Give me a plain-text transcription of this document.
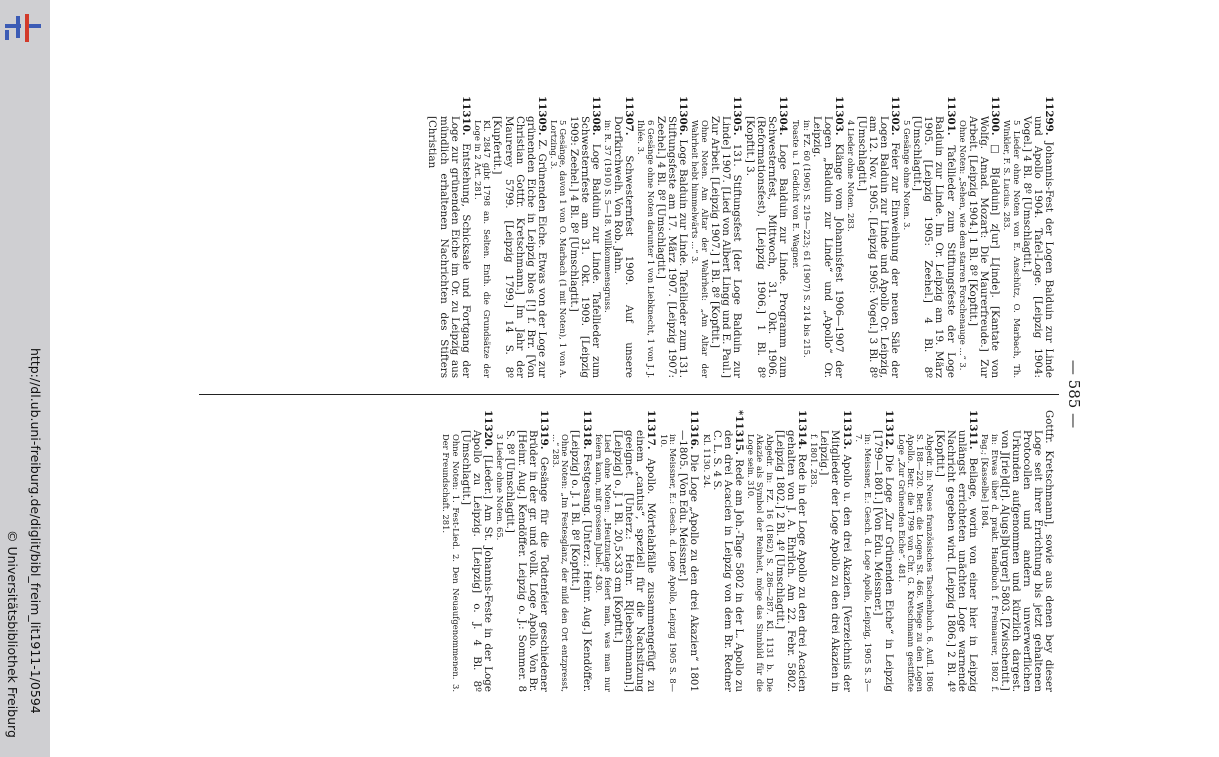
http://dl.ub.uni-freiburg.de/diglit/bibl_freim_lit1911-1/0594
© Universitätsbibliothek Freiburg
— 585 —
11299. Johannis-Fest der Logen Balduin zur Linde und Apollo 1904. Tafel-Loge. [Leipzig 1904: Vogel.] 4 Bl. 8º [Umschlagtit.]
5 Lieder ohne Noten von E. Anschütz, O. Marbach, Th. Winkler, F. S. Lucius. 283.
11300. □ B[alduin] z[ur] L[inde]. [Kantate von Wolfg. Amad. Mozart: Die Maurerfreude.] Zur Arbeit. [Leipzig 1904.] 1 Bl. 8º [Kopftit.]
Ohne Noten: „Sehen, wie dem starren Forschenauge ...“ 3.
11301. Tafellieder zum Stiftungsfeste der Loge Balduin zur Linde. Im Or. Leipzig am 19. März 1905. [Leipzig 1905: Zeehel.] 4 Bl. 8º [Umschlagtit.]
5 Gesänge ohne Noten. 3.
11302. Feier zur Einweihung der neuen Säle der Logen Balduin zur Linde und Apollo Or. Leipzig, am 12. Nov. 1905. [Leipzig 1905: Vogel.] 3 Bl. 8º [Umschlagtit.]
4 Lieder ohne Noten. 283.
11303. Klänge vom Johannisfest 1906—1907 der Logen „Balduin zur Linde“ und „Apollo“ Or. Leipzig.
in: FZ. 60 (1906) S. 219—223; 61 (1907) S. 214 bis 215.
Toaste u. 1 Gedicht von E. Wagner.
11304. Loge Balduin zur Linde. Programm zum Schwesternfest, Mittwoch, 31. Okt. 1906. (Reformationsfest). [Leipzig 1906.] 1 Bl. 8º [Kopftit.] 3.
11305. 131. Stiftungsfest [der Loge Balduin zur Linde] 1907. [Lied von Albert Lingg und E. Paul.] Zur Arbeit. [Leipzig 1907.] 1 Bl. 8º [Kopftit.]
Ohne Noten. Am Altar der Wahrheit: „Am Altar der Wahrheit hebt himmelwärts ...“ 3.
11306. Loge Balduin zur Linde. Tafellieder zum 131. Stiftungsfeste am 17. März 1907. [Leipzig 1907: Zeehel.] 4 Bl. 8º [Umschlagtit.]
6 Gesänge ohne Noten darunter 1 von Liebknecht, 1 von J. J. Ihlée. 3.
11307. Schwesternfest 1909. Auf unsere Dorfkirchweih. Von Rob. Jahn.
in: R. 37 (1910) S. 5—18. Willkommensgruss.
11308. Loge Balduin zur Linde. Tafellieder zum Schwesternfeste am 31. Okt. 1909. [Leipzig 1909: Zeehel.] 4 Bl. 8º [Umschlagtit.]
5 Gesänge, davon 1 von O. Marbach (1 mit Noten), 1 von A. Lortzing. 3.
11309. Z. Grünenden Eiche. Etwas von der Loge zur grünenden Eiche in Leipzig blos [!] f. Brr. [Von Christian Gottfr. Kretschmann.] Im Jahr der Maurerey 5799. [Leipzig 1799.] 14 S. 8º [Kupfertit.]
Kl. 2847 gibt 1798 an. Selten. Enth. die Grundsätze der Loge in 2 Art. 281.
11310. Entstehung, Schicksale und Fortgang der Loge zur grünenden Eiche im Or. zu Leipzig aus mündlich erhaltenen Nachrichten des Stifters [Christian
Gottfr. Kretschmann], sowie aus denen bey dieser Loge seit ihrer Errichtung bis jetzt gehaltenen Protocollen und andern unverwerflichen Urkunden aufgenommen und kürzlich dargest. von J[rie]d[r]. A[ugs]b[urger] 5803. [Zwischentit.]
in: Etwas über d. prakt. Handbuch f. Freimaurer, 1802 f. Pag.; [Kasselbe] 1804.
11311. Beilage, worin von einer hier in Leipzig unlängst errichteten unächten Loge warnende Nachricht gegeben wird. [Leipzig 1806.] 2 Bl. 4º [Kopftit.]
Abgedr. in: Neues französisches Taschenbuch. 6. Aufl. 1806 S. 188—220. Betr. die Logen St. 466. Wiege zu den Logen Apollo. Betr. die 1799 von Chr. G. Kretschmann gestiftete Loge „Zur Grünenden Eiche“. 481.
11312. Die Loge „Zur Grünenden Eiche“ in Leipzig [1799—1801.] [Von Edu. Meissner.]
in: Meissner, E.: Gesch. d. Loge Apollo, Leipzig, 1905 S. 3—7.
11313. Apollo u. den drei Akazien. [Verzeichnis der Mitglieder der Loge Apollo zu den drei Akazien in Leipzig.]
f. 1801. 283.
11314. Rede in der Loge Apollo zu den drei Acacien gehalten von J. A. Ehrlich. Am 22. Febr. 5802. [Leipzig 1802.] 2 Bl. 4º [Umschlagtit.]
Abgedr. in: FZ. 16 (1862) S. 286—287. Kl. 1131 b. Die Akazie als Symbol der Reinheit, möge das Sinnbild für die Loge sein. 310.
*11315. Rede am Joh.-Tage 5802 in der L. Apollo zu den drei Acacien in Leipzig von dem Br. Redner C. L. S. 4 S.
Kl. 1130. 24.
11316. Die Loge „Apollo zu den drei Akazien“ 1801—1805. [Von Edu. Meissner.]
in: Meissner, E.: Gesch. d. Loge Apollo, Leipzig 1905 S. 8—10.
11317. Apollo. Mörtelabfälle zusammengefügt zu einem „cantus“, speziell für die Nachsitzung geeignet. [Unterz.: Heinr. R[iebeschmann].] [Leipzig] o. J. 1 Bl. 20,5×33 cm [Kopftit.]
Lied ohne Noten: „Heutzutage feiert man, was man nur feiern kann, mit grossem Jubel.“ 430.
11318. Festgesang. [Unterz.: Heinr. Aug.] Kendöffer. [Leipzig] o. J. 1 Bl. 8º [Kopftit.]
Ohne Noten: „Im Festesglanz, der mild den Ort entzpresst, ...“ 283.
11319. Gesänge für die Todtenfeier geschiedener Brüder in der gr. und vollk. Loge Apollo. Von Br. [Heinr. Aug.] Kendöffer. Leipzig o. J.: Sommer. 8 S. 8º [Umschlagtit.]
3 Lieder ohne Noten. 65.
11320. [Lieder.] Am St. Johannis-Feste in der Loge Apollo zu Leipzig. [Leipzig] o. J. 4 Bl. 8º [Umschlagtit.]
Ohne Noten: 1. Fest-Lied. 2. Den Neuaufgenommenen. 3. Der Freundschaft. 281.
